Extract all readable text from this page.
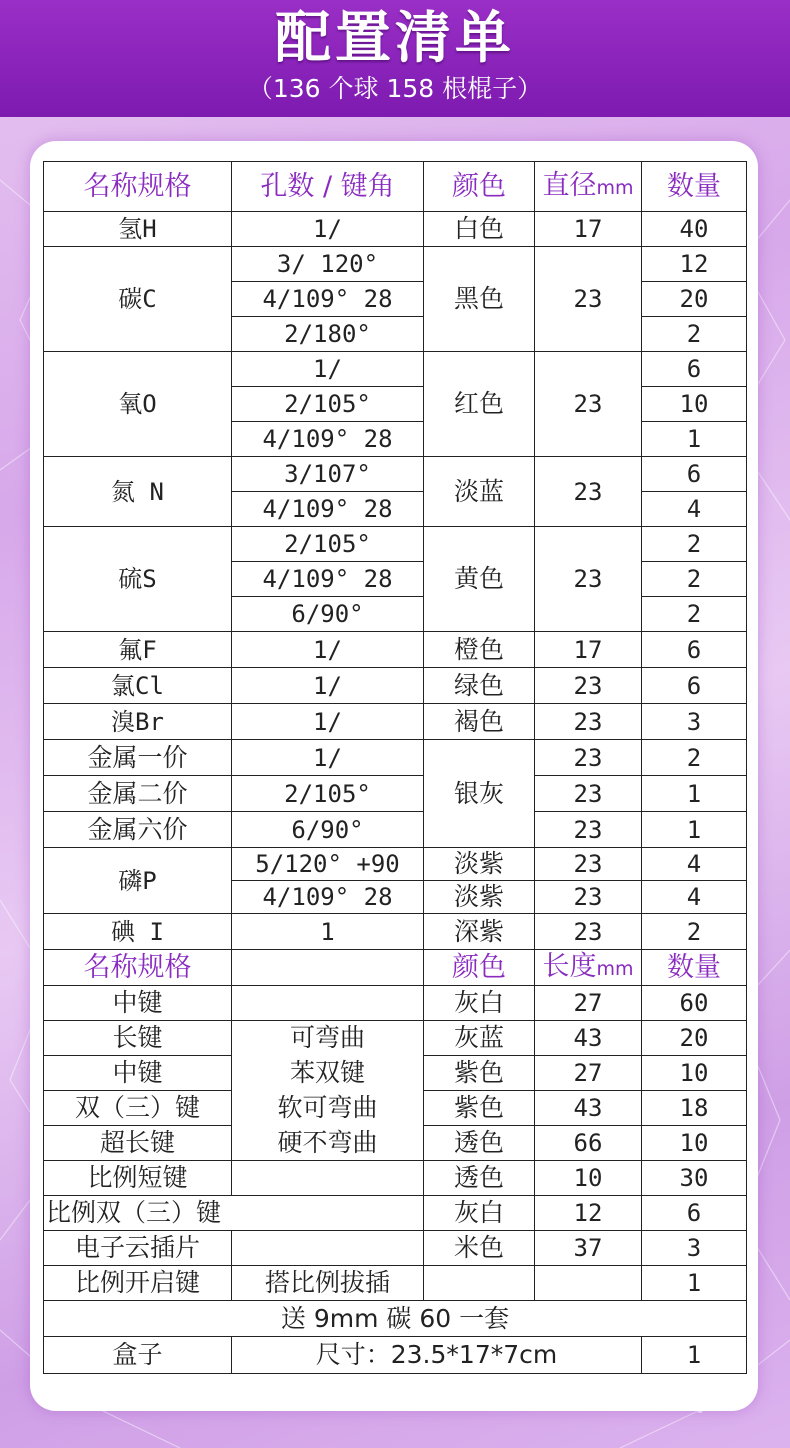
配置清单
（136 个球 158 根棍子）
名称规格	孔数 / 键角	颜色	直径mm	数量
氢H	1/	白色	17	40
碳C	3/ 120°	黑色	23	12
	4/109° 28			20
	2/180°			2
氧O	1/	红色	23	6
	2/105°			10
	4/109° 28			1
氮 N	3/107°	淡蓝	23	6
	4/109° 28			4
硫S	2/105°	黄色	23	2
	4/109° 28			2
	6/90°			2
氟F	1/	橙色	17	6
氯Cl	1/	绿色	23	6
溴Br	1/	褐色	23	3
金属一价	1/	银灰	23	2
金属二价	2/105°		23	1
金属六价	6/90°		23	1
磷P	5/120° +90	淡紫	23	4
	4/109° 28	淡紫	23	4
碘 I	1	深紫	23	2
名称规格		颜色	长度mm	数量
中键		灰白	27	60
长键	可弯曲	灰蓝	43	20
中键	苯双键	紫色	27	10
双（三）键	软可弯曲	紫色	43	18
超长键	硬不弯曲	透色	66	10
比例短键		透色	10	30
比例双（三）键		灰白	12	6
电子云插片		米色	37	3
比例开启键	搭比例拔插			1
送 9mm 碳 60 一套				
盒子	尺寸：23.5*17*7cm			1
